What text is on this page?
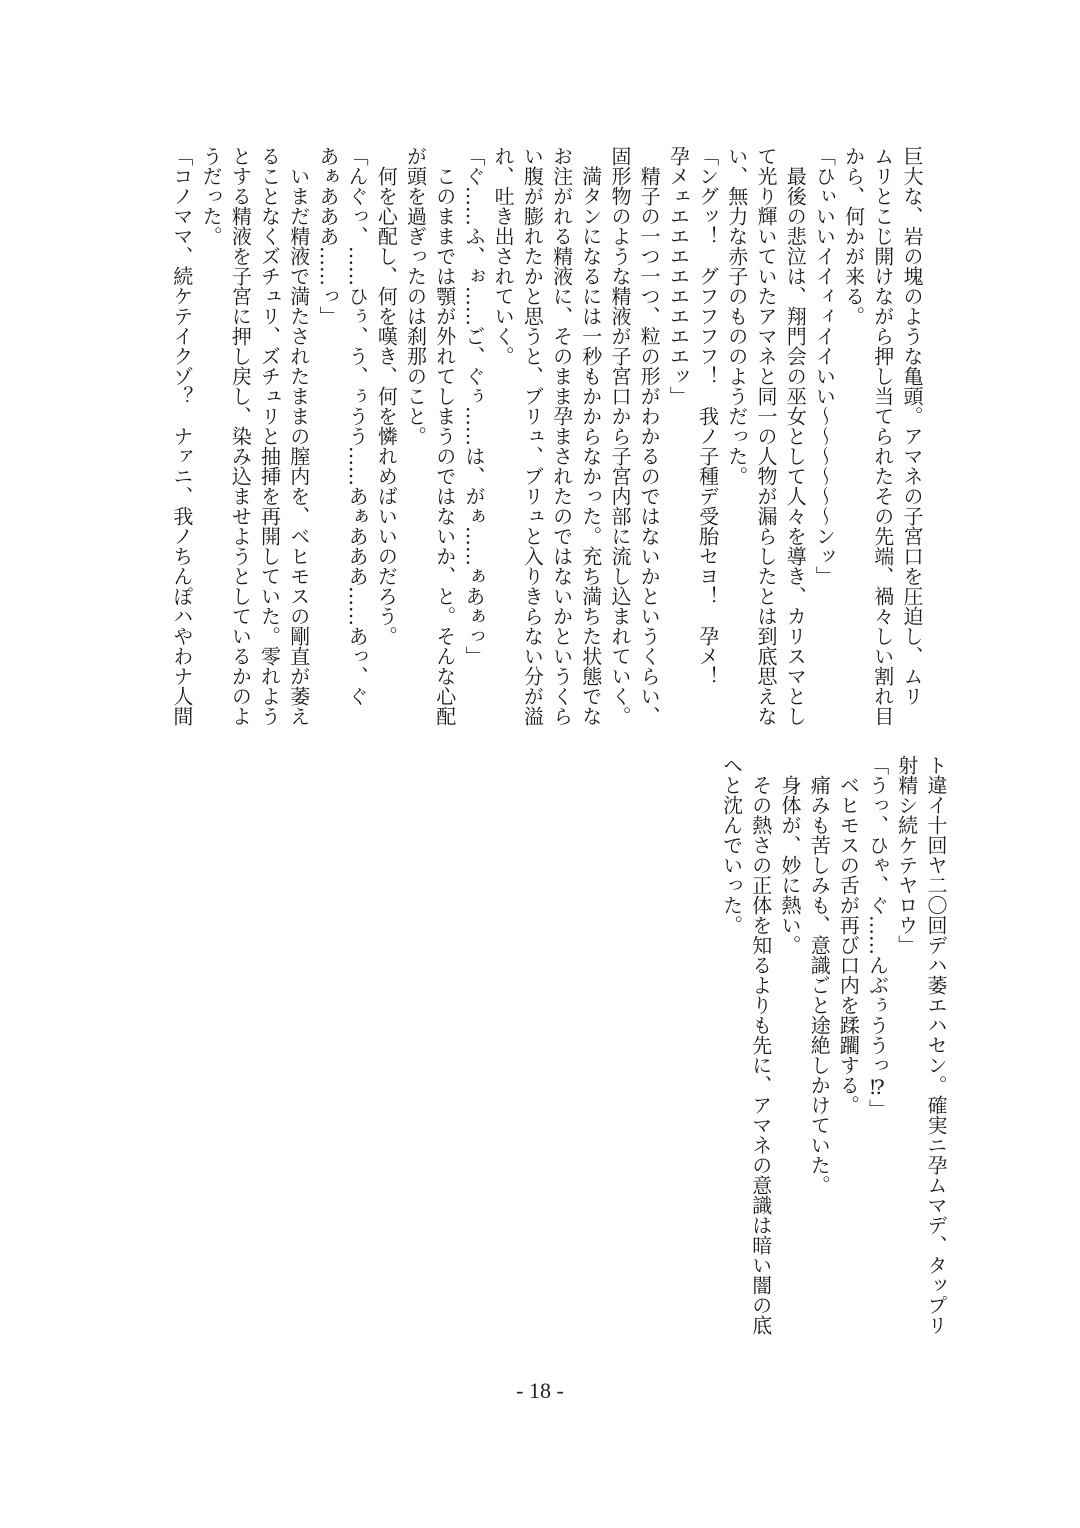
巨大な、岩の塊のような亀頭。アマネの子宮口を圧迫し、ムリ
ムリとこじ開けながら押し当てられたその先端、禍々しい割れ目
から、何かが来る。
「ひぃいいイイィィイイいい～～～～～～ンッ」
　最後の悲泣は、翔門会の巫女として人々を導き、カリスマとし
て光り輝いていたアマネと同一の人物が漏らしたとは到底思えな
い、無力な赤子のもののようだった。
「ングッ！　グフフフフ！　我ノ子種デ受胎セヨ！　孕メ！
孕メェエエエエエエエエッ」
　精子の一つ一つ、粒の形がわかるのではないかというくらい、
固形物のような精液が子宮口から子宮内部に流し込まれていく。
　満タンになるには一秒もかからなかった。充ち満ちた状態でな
お注がれる精液に、そのまま孕まされたのではないかというくら
い腹が膨れたかと思うと、ブリュ、ブリュと入りきらない分が溢
れ、吐き出されていく。
「ぐ……ふ、ぉ……ご、ぐぅ……は、がぁ……ぁあぁっ」
　このままでは顎が外れてしまうのではないか、と。そんな心配
が頭を過ぎったのは刹那のこと。
　何を心配し、何を嘆き、何を憐れめばいいのだろう。
「んぐっ、……ひぅ、う、ぅうう……あぁあああ……あっ、ぐ
あぁあああ……っ」
　いまだ精液で満たされたままの膣内を、ベヒモスの剛直が萎え
ることなくズチュリ、ズチュリと抽挿を再開していた。零れよう
とする精液を子宮に押し戻し、染み込ませようとしているかのよ
うだった。
「コノママ、続ケテイクゾ？　ナァニ、我ノちんぽハやわナ人間
ト違イ十回ヤ二〇回デハ萎エハセン。確実ニ孕ムマデ、タップリ
射精シ続ケテヤロウ」
「うっ、ひゃ、ぐ……んぶぅううっ⁉」
　ベヒモスの舌が再び口内を蹂躙する。
　痛みも苦しみも、意識ごと途絶しかけていた。
　身体が、妙に熱い。
　その熱さの正体を知るよりも先に、アマネの意識は暗い闇の底
へと沈んでいった。
- 18 -
